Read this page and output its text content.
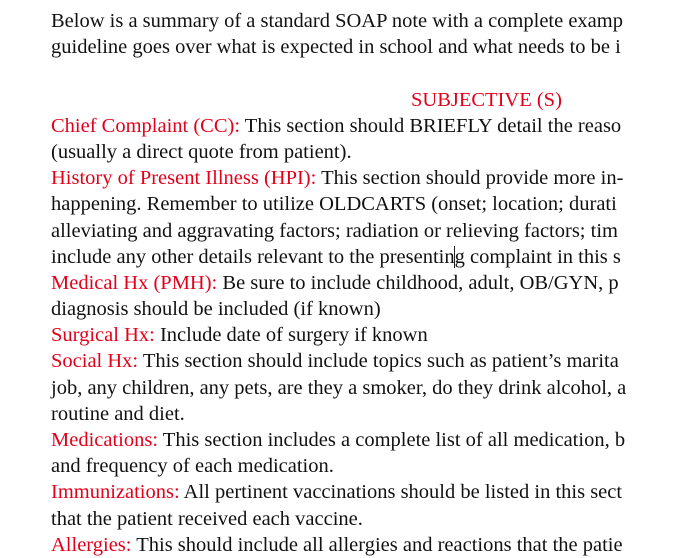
Below is a summary of a standard SOAP note with a complete examp
guideline goes over what is expected in school and what needs to be i
SUBJECTIVE (S)
Chief Complaint (CC): This section should BRIEFLY detail the reaso
(usually a direct quote from patient).
History of Present Illness (HPI): This section should provide more in-
happening. Remember to utilize OLDCARTS (onset; location; durati
alleviating and aggravating factors; radiation or relieving factors; tim
include any other details relevant to the presenting complaint in this s
Medical Hx (PMH): Be sure to include childhood, adult, OB/GYN, p
diagnosis should be included (if known)
Surgical Hx: Include date of surgery if known
Social Hx: This section should include topics such as patient’s marita
job, any children, any pets, are they a smoker, do they drink alcohol, a
routine and diet.
Medications: This section includes a complete list of all medication, b
and frequency of each medication.
Immunizations: All pertinent vaccinations should be listed in this sect
that the patient received each vaccine.
Allergies: This should include all allergies and reactions that the patie
